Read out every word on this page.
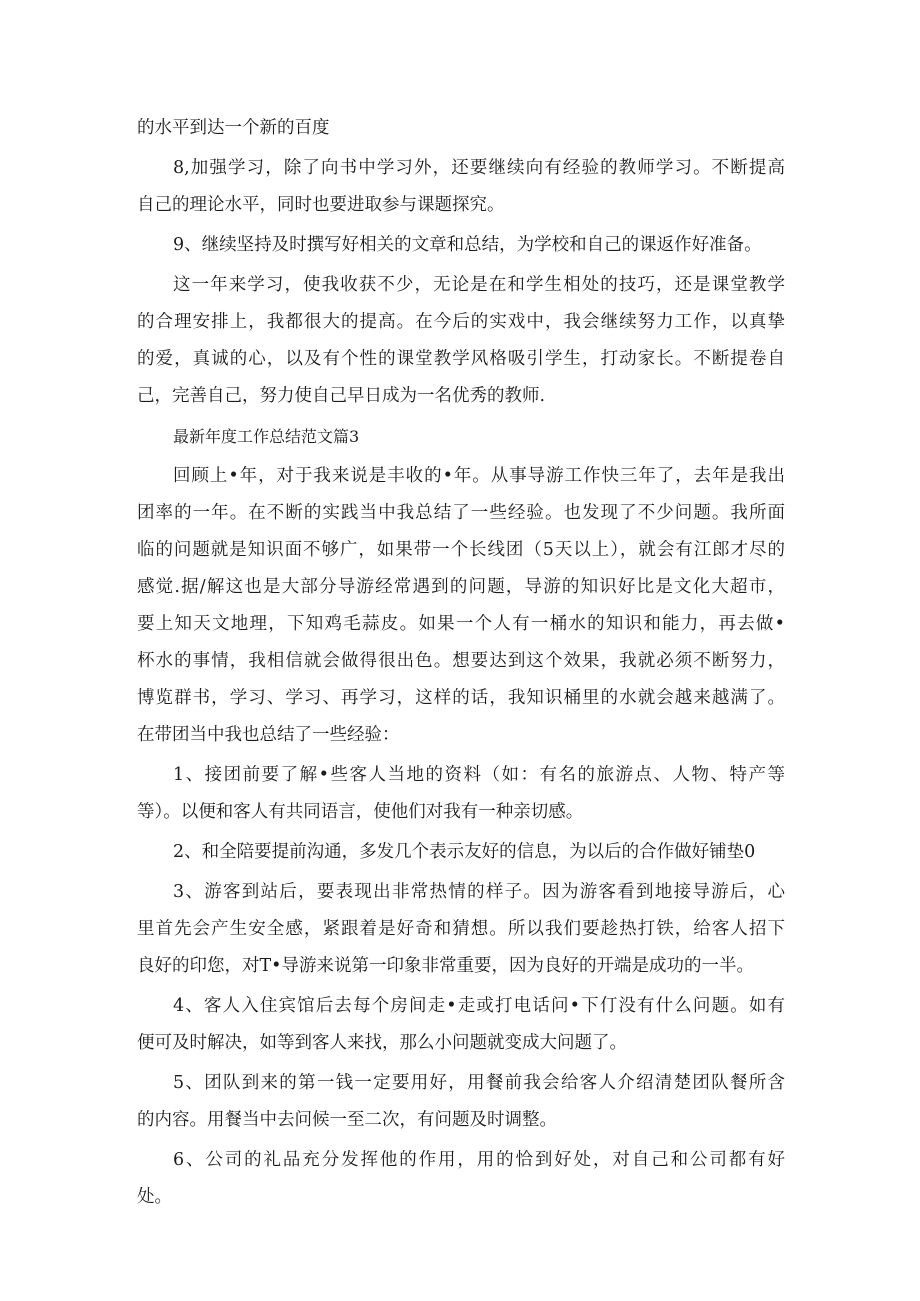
的水平到达一个新的百度
8,加强学习，除了向书中学习外，还要继续向有经验的教师学习。不断提高
自己的理论水平，同时也要进取参与课题探究。
9、继续坚持及时撰写好相关的文章和总结，为学校和自己的课返作好准备。
这一年来学习，使我收获不少，无论是在和学生相处的技巧，还是课堂教学
的合理安排上，我都很大的提高。在今后的实戏中，我会继续努力工作，以真挚
的爱，真诚的心，以及有个性的课堂教学风格吸引学生，打动家长。不断提卷自
己，完善自己，努力使自己早日成为一名优秀的教师.
最新年度工作总结范文篇3
回顾上•年，对于我来说是丰收的•年。从事导游工作快三年了，去年是我出
团率的一年。在不断的实践当中我总结了一些经验。也发现了不少问题。我所面
临的问题就是知识面不够广，如果带一个长线团（5天以上），就会有江郎才尽的
感觉.据/解这也是大部分导游经常遇到的问题，导游的知识好比是文化大超市，
要上知天文地理，下知鸡毛蒜皮。如果一个人有一桶水的知识和能力，再去做•
杯水的事情，我相信就会做得很出色。想要达到这个效果，我就必须不断努力，
博览群书，学习、学习、再学习，这样的话，我知识桶里的水就会越来越满了。
在带团当中我也总结了一些经验：
1、接团前要了解•些客人当地的资料（如：有名的旅游点、人物、特产等
等）。以便和客人有共同语言，使他们对我有一种亲切感。
2、和全陪要提前沟通，多发几个表示友好的信息，为以后的合作做好铺垫0
3、游客到站后，要表现出非常热情的样子。因为游客看到地接导游后，心
里首先会产生安全感，紧跟着是好奇和猜想。所以我们要趁热打铁，给客人招下
良好的印您，对T•导游来说第一印象非常重要，因为良好的开端是成功的一半。
4、客人入住宾馆后去每个房间走•走或打电话问•下仃没有什么问题。如有
便可及时解决，如等到客人来找，那么小问题就变成大问题了。
5、团队到来的第一钱一定要用好，用餐前我会给客人介绍清楚团队餐所含
的内容。用餐当中去问候一至二次，有问题及时调整。
6、公司的礼品充分发挥他的作用，用的恰到好处，对自己和公司都有好
处。
